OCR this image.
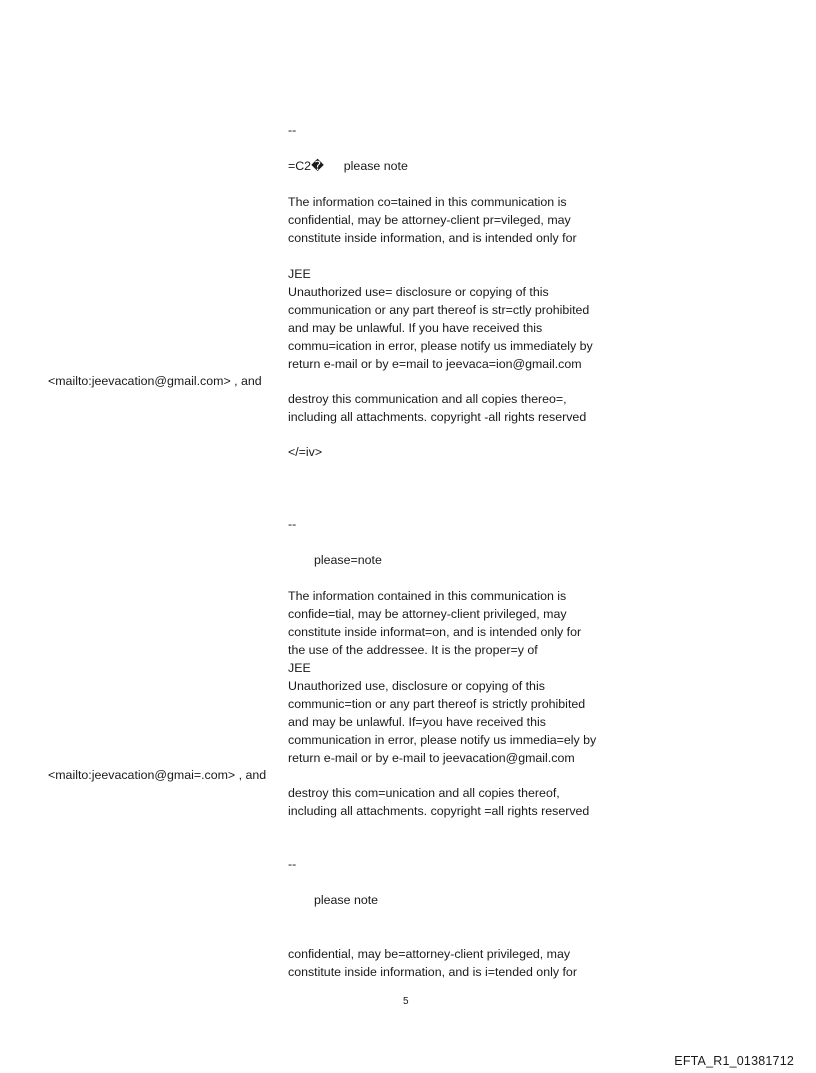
--
=C2� please note
The information co=tained in this communication is
confidential, may be attorney-client pr=vileged, may
constitute inside information, and is intended only for
JEE
Unauthorized use= disclosure or copying of this
communication or any part thereof is str=ctly prohibited
and may be unlawful. If you have received this
commu=ication in error, please notify us immediately by
return e-mail or by e=mail to jeevaca=ion@gmail.com
<mailto:jeevacation@gmail.com> , and
destroy this communication and all copies thereo=,
including all attachments. copyright -all rights reserved
</=iv>
--
please=note
The information contained in this communication is
confide=tial, may be attorney-client privileged, may
constitute inside informat=on, and is intended only for
the use of the addressee. It is the proper=y of
JEE
Unauthorized use, disclosure or copying of this
communic=tion or any part thereof is strictly prohibited
and may be unlawful. If=you have received this
communication in error, please notify us immedia=ely by
return e-mail or by e-mail to jeevacation@gmail.com
<mailto:jeevacation@gmai=.com> , and
destroy this com=unication and all copies thereof,
including all attachments. copyright =all rights reserved
--
please note
confidential, may be=attorney-client privileged, may
constitute inside information, and is i=tended only for
5
EFTA_R1_01381712
